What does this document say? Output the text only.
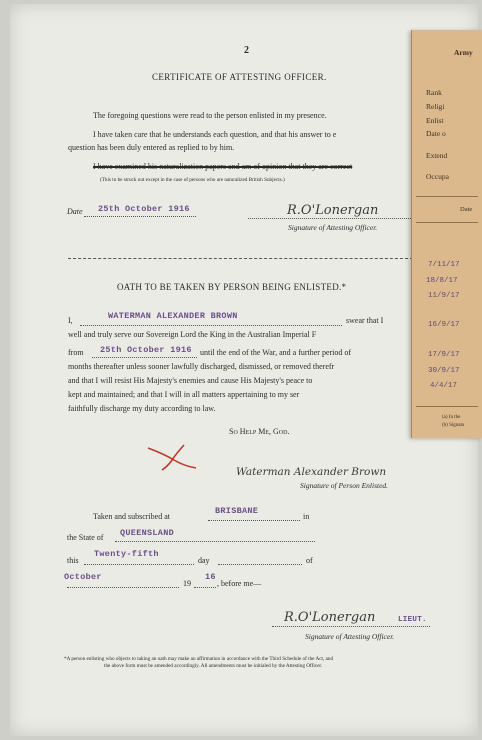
2
CERTIFICATE OF ATTESTING OFFICER.
The foregoing questions were read to the person enlisted in my presence.
I have taken care that he understands each question, and that his answer to e
question has been duly entered as replied to by him.
I have examined his naturalization papers and am of opinion that they are correct
(This to be struck out except in the case of persons who are naturalized British Subjects.)
Date 25th October 1916	R.O'Lonergan
Signature of Attesting Officer.
OATH TO BE TAKEN BY PERSON BEING ENLISTED.*
I,	WATERMAN ALEXANDER BROWN	swear that I
well and truly serve our Sovereign Lord the King in the Australian Imperial F
from 25th October 1916 until the end of the War, and a further period of
months thereafter unless sooner lawfully discharged, dismissed, or removed therefr
and that I will resist His Majesty's enemies and cause His Majesty's peace to
kept and maintained; and that I will in all matters appertaining to my ser
faithfully discharge my duty according to law.
So Help Me, God.
Waterman Alexander Brown
Signature of Person Enlisted.
Taken and subscribed at
BRISBANE
in
the State of QUEENSLAND
this
Twenty-fifth
day	of
October
19
16
, before me—
R.O'Lonergan	LIEUT.
Signature of Attesting Officer.
*A person enlisting who objects to taking an oath may make an affirmation in accordance with the Third Schedule of the Act, and
the above form must be amended accordingly. All amendments must be initialed by the Attesting Officer.
Army
Rank
Religi
Enlist
Date o
Extend
Occupa
Date
7/11/17
18/8/17
11/9/17
16/9/17
17/9/17
30/9/17
4/4/17
(a) In the
(b) Signatu
